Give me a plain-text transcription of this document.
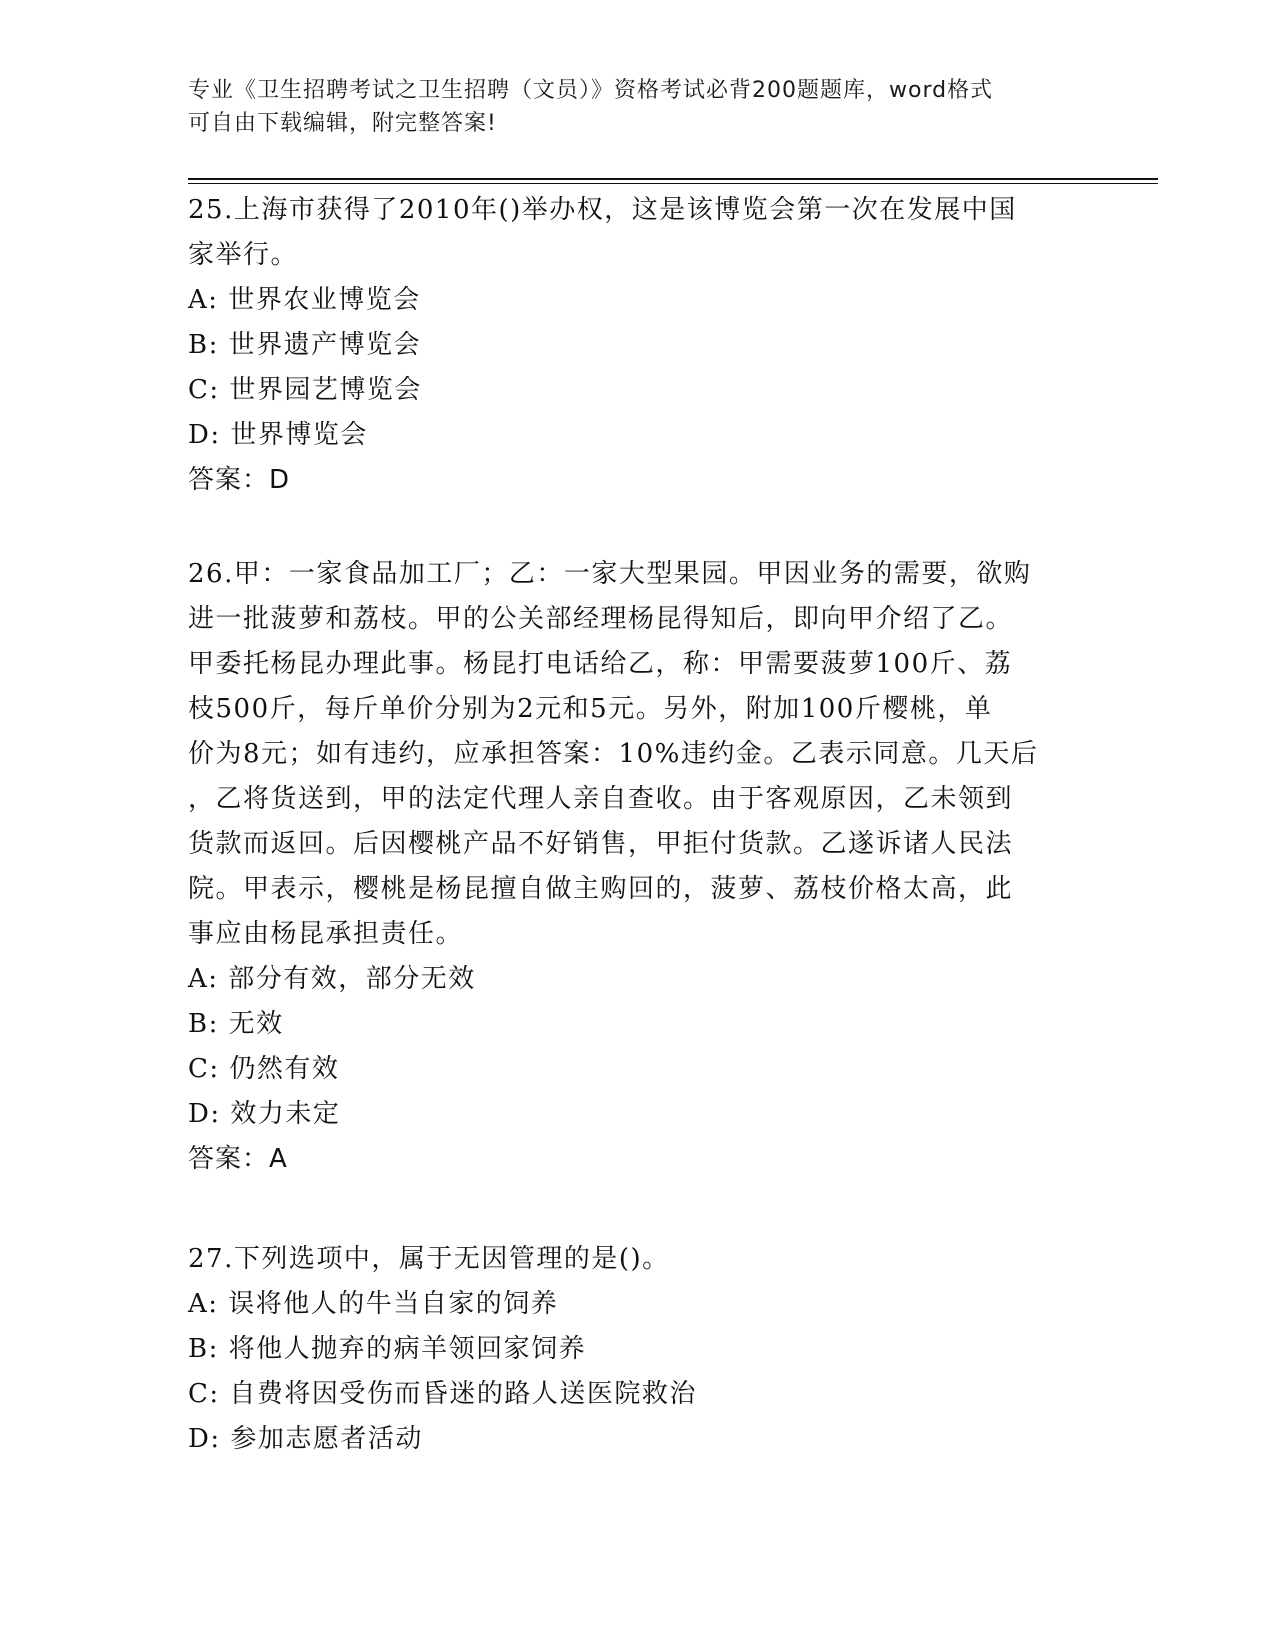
专业《卫生招聘考试之卫生招聘（文员）》资格考试必背200题题库，word格式
可自由下载编辑，附完整答案!
25.上海市获得了2010年()举办权，这是该博览会第一次在发展中国
家举行。
A: 世界农业博览会
B: 世界遗产博览会
C: 世界园艺博览会
D: 世界博览会
答案：D
26.甲：一家食品加工厂；乙：一家大型果园。甲因业务的需要，欲购
进一批菠萝和荔枝。甲的公关部经理杨昆得知后，即向甲介绍了乙。
甲委托杨昆办理此事。杨昆打电话给乙，称：甲需要菠萝100斤、荔
枝500斤，每斤单价分别为2元和5元。另外，附加100斤樱桃，单
价为8元；如有违约，应承担答案：10%违约金。乙表示同意。几天后
，乙将货送到，甲的法定代理人亲自查收。由于客观原因，乙未领到
货款而返回。后因樱桃产品不好销售，甲拒付货款。乙遂诉诸人民法
院。甲表示，樱桃是杨昆擅自做主购回的，菠萝、荔枝价格太高，此
事应由杨昆承担责任。
A: 部分有效，部分无效
B: 无效
C: 仍然有效
D: 效力未定
答案：A
27.下列选项中，属于无因管理的是()。
A: 误将他人的牛当自家的饲养
B: 将他人抛弃的病羊领回家饲养
C: 自费将因受伤而昏迷的路人送医院救治
D: 参加志愿者活动
